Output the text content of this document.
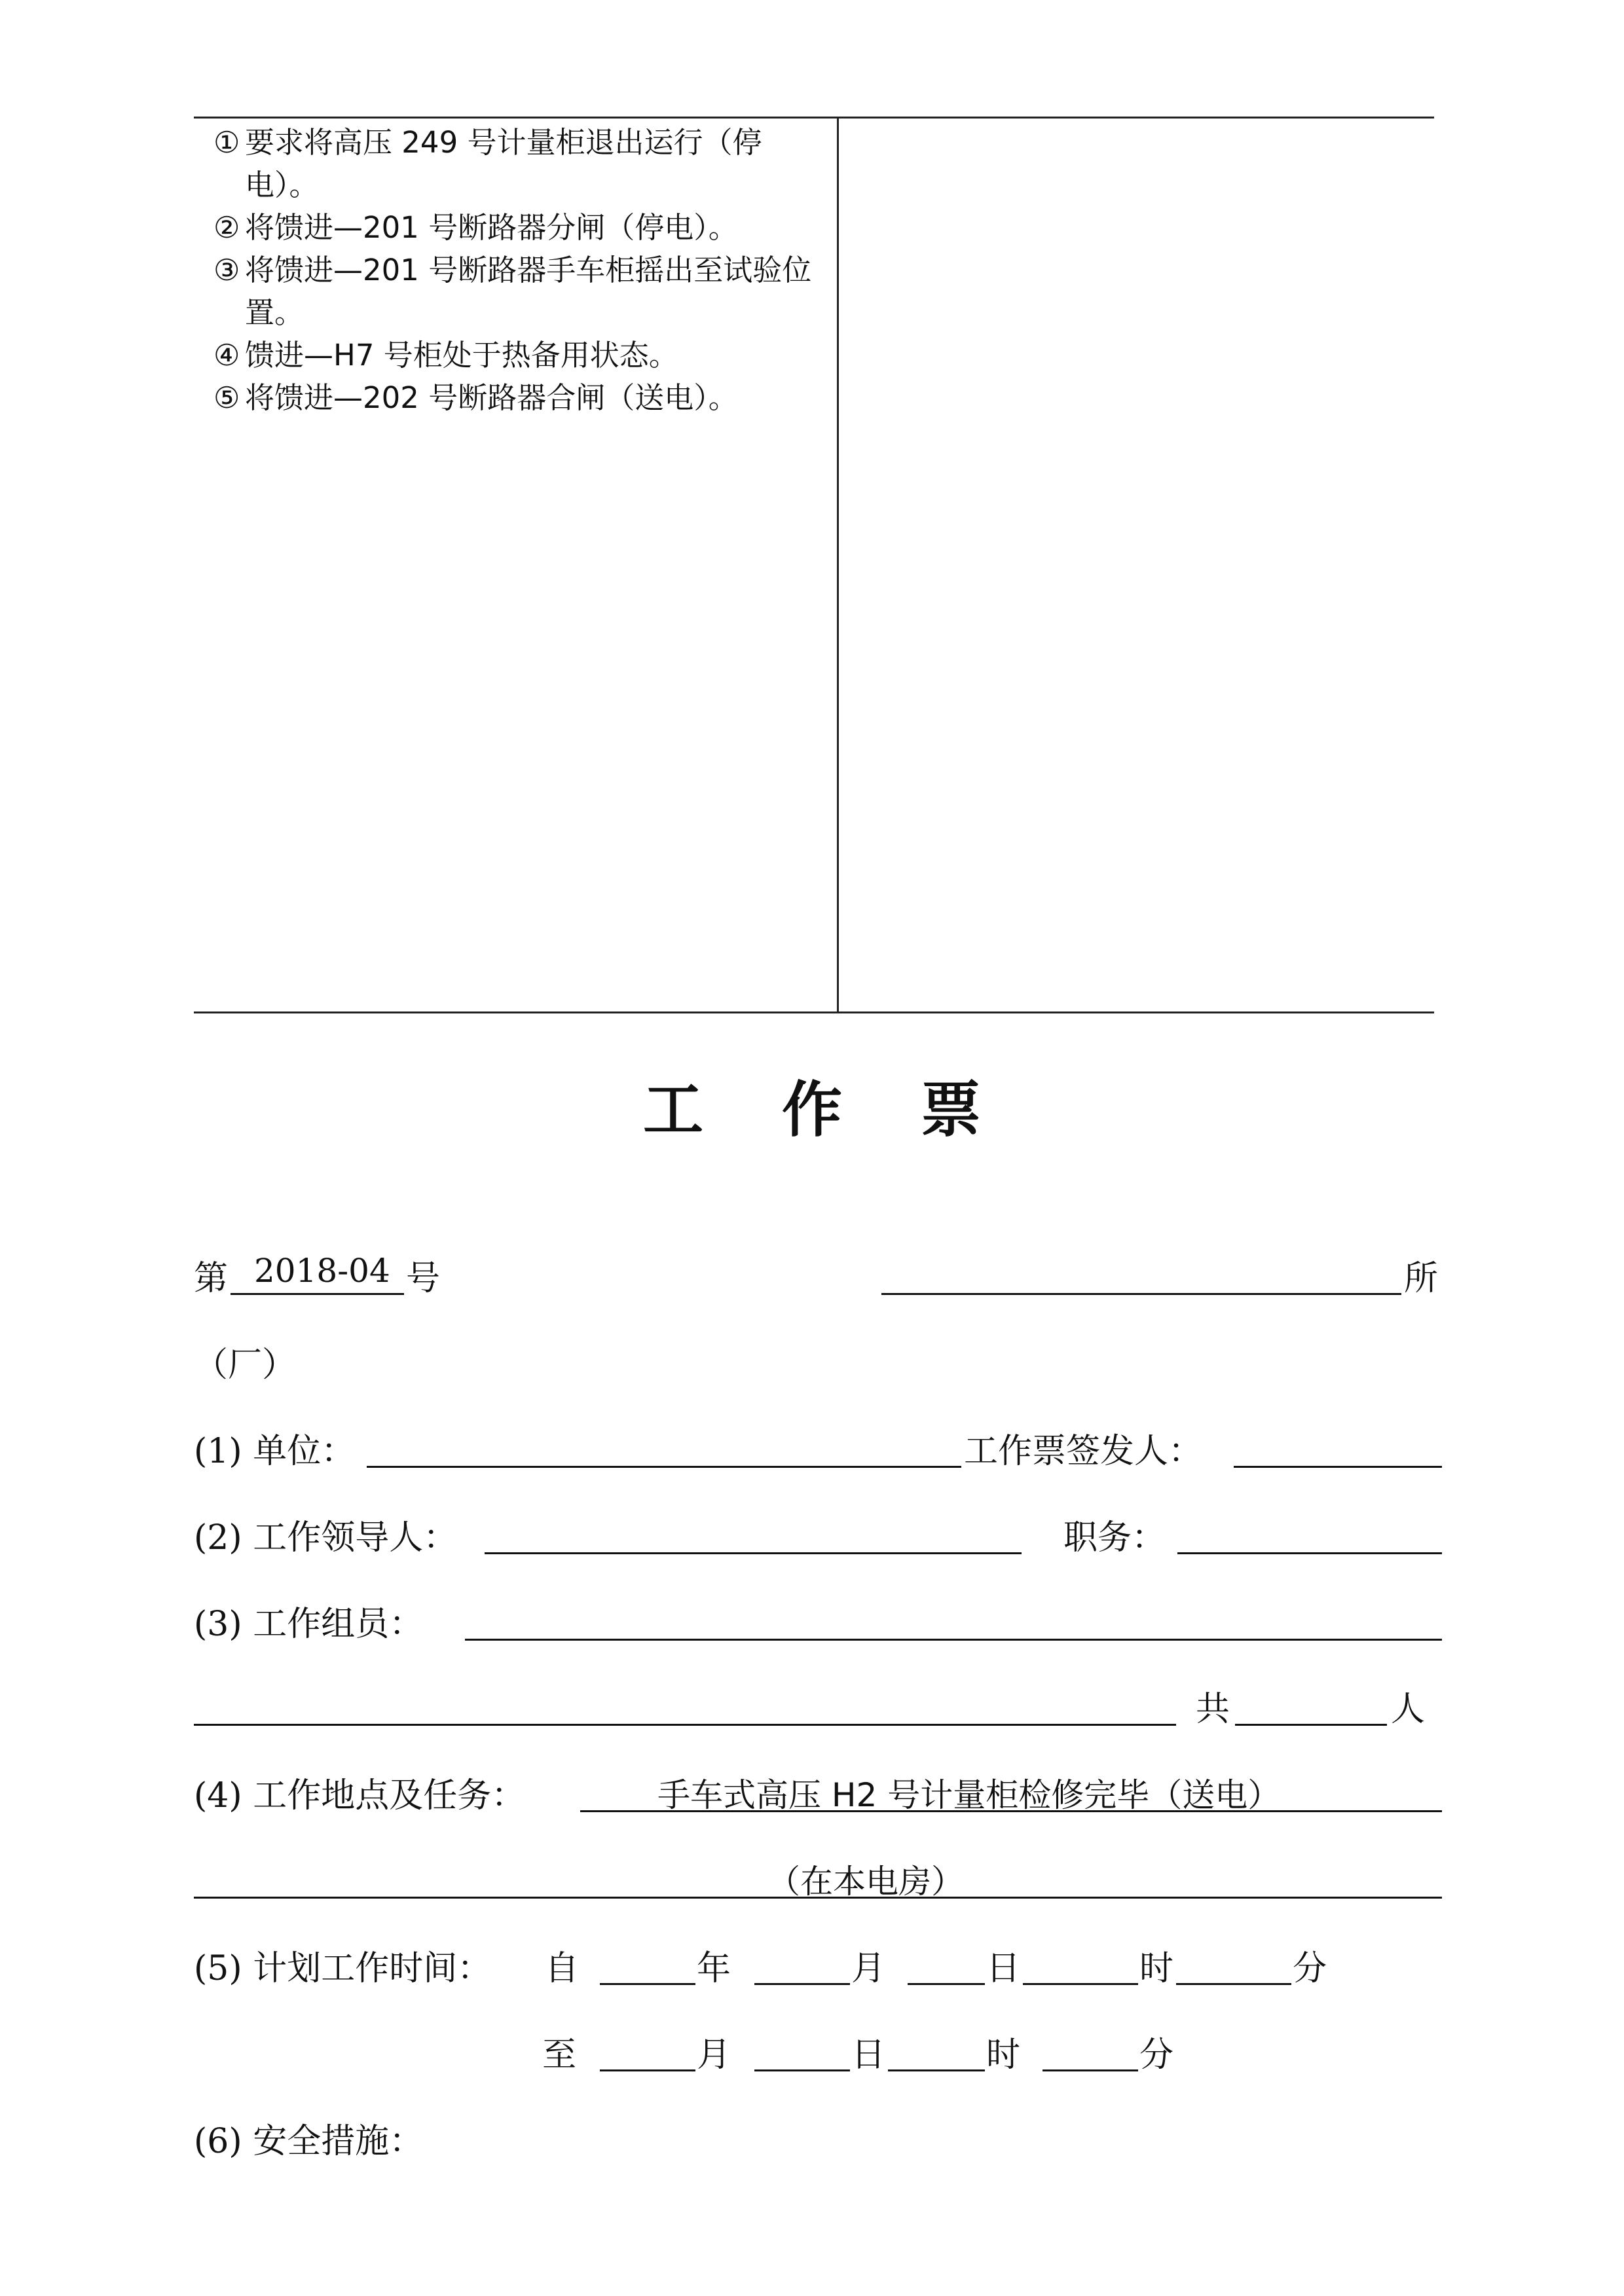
① 要求将高压 249 号计量柜退出运行（停电）。

② 将馈进—201 号断路器分闸（停电）。

③ 将馈进—201 号断路器手车柜摇出至试验位置。

④ 馈进—H7 号柜处于热备用状态。

⑤ 将馈进—202 号断路器合闸（送电）。

工作票
第 2018-04 号	所
（厂）
(1) 单位：	工作票签发人：
(2) 工作领导人：	职务：
(3) 工作组员：
共	人
(4) 工作地点及任务：	手车式高压 H2 号计量柜检修完毕（送电）
（在本电房）
(5) 计划工作时间： 自	年	月	日	时	分
至	月	日	时	分
(6) 安全措施：
